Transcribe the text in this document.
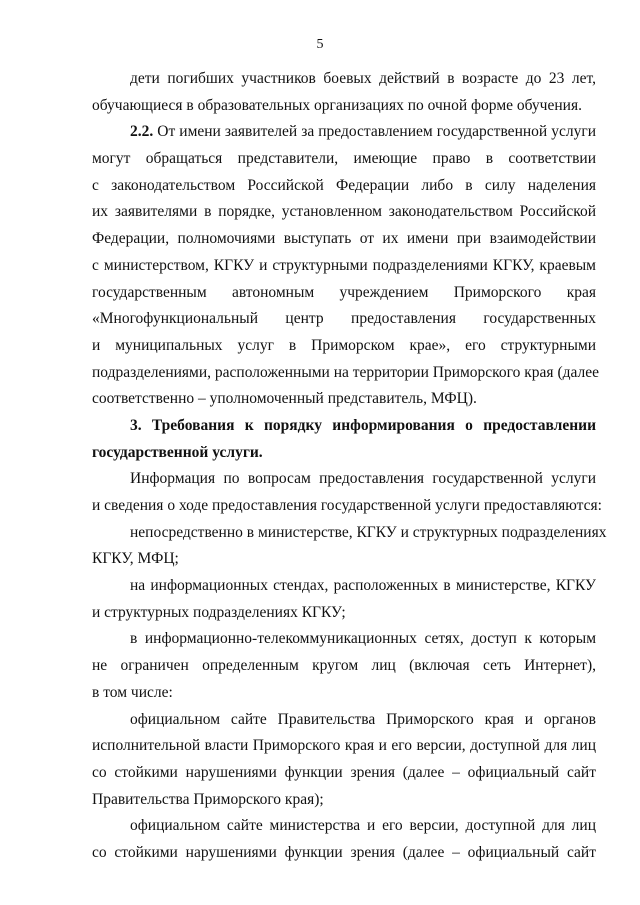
5
дети погибших участников боевых действий в возрасте до 23 лет,
обучающиеся в образовательных организациях по очной форме обучения.
2.2. От имени заявителей за предоставлением государственной услуги
могут обращаться представители, имеющие право в соответствии
с законодательством Российской Федерации либо в силу наделения
их заявителями в порядке, установленном законодательством Российской
Федерации, полномочиями выступать от их имени при взаимодействии
с министерством, КГКУ и структурными подразделениями КГКУ, краевым
государственным автономным учреждением Приморского края
«Многофункциональный центр предоставления государственных
и муниципальных услуг в Приморском крае», его структурными
подразделениями, расположенными на территории Приморского края (далее
соответственно – уполномоченный представитель, МФЦ).
3. Требования к порядку информирования о предоставлении
государственной услуги.
Информация по вопросам предоставления государственной услуги
и сведения о ходе предоставления государственной услуги предоставляются:
непосредственно в министерстве, КГКУ и структурных подразделениях
КГКУ, МФЦ;
на информационных стендах, расположенных в министерстве, КГКУ
и структурных подразделениях КГКУ;
в информационно-телекоммуникационных сетях, доступ к которым
не ограничен определенным кругом лиц (включая сеть Интернет),
в том числе:
официальном сайте Правительства Приморского края и органов
исполнительной власти Приморского края и его версии, доступной для лиц
со стойкими нарушениями функции зрения (далее – официальный сайт
Правительства Приморского края);
официальном сайте министерства и его версии, доступной для лиц
со стойкими нарушениями функции зрения (далее – официальный сайт
